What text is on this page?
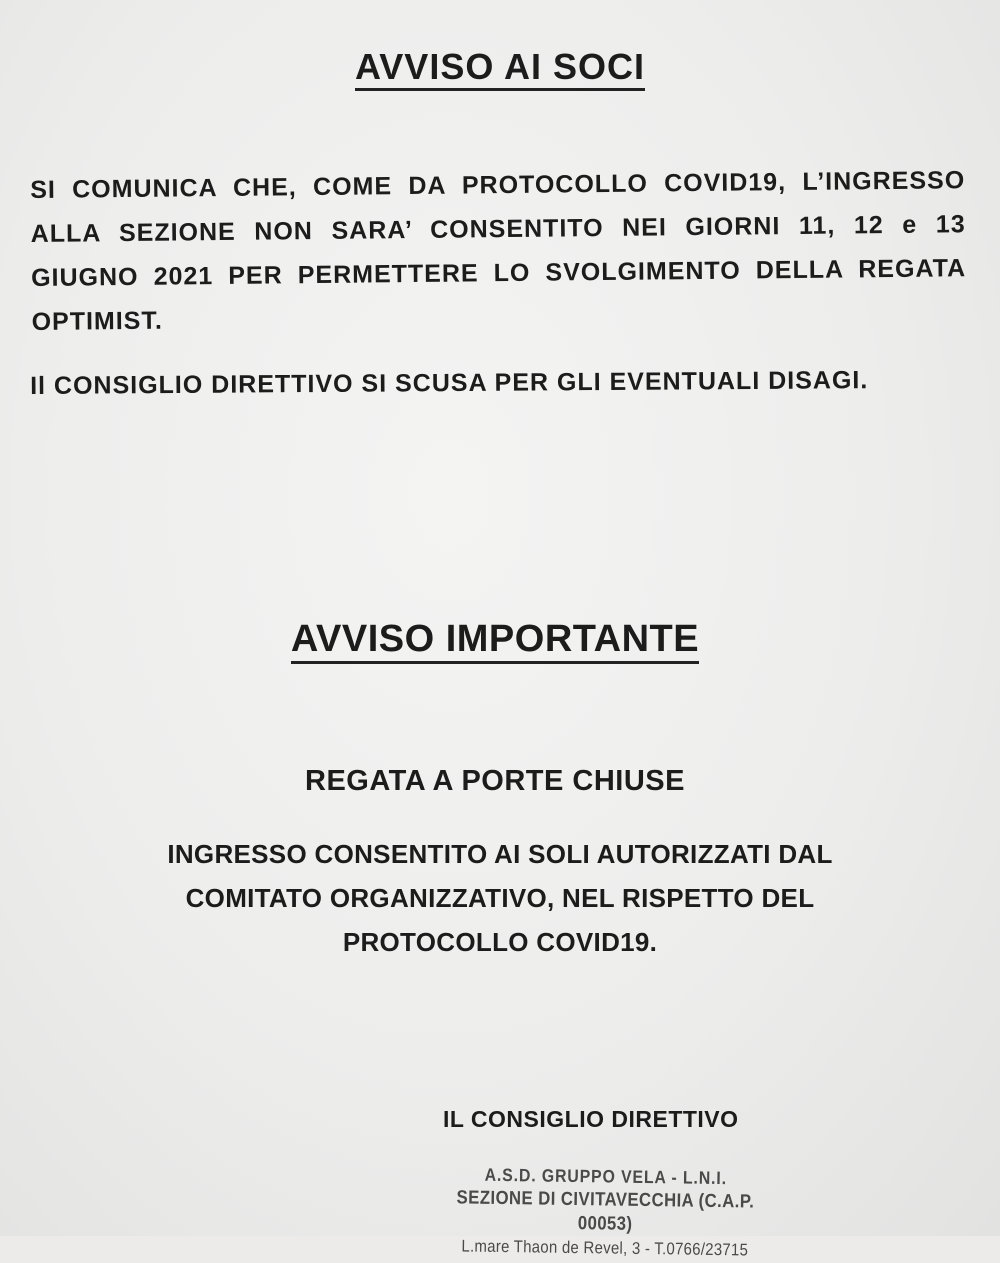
AVVISO AI SOCI

SI COMUNICA CHE, COME DA PROTOCOLLO COVID19, L’INGRESSO ALLA SEZIONE NON SARA’ CONSENTITO NEI GIORNI 11, 12 e 13 GIUGNO 2021 PER PERMETTERE LO SVOLGIMENTO DELLA REGATA OPTIMIST.

Il CONSIGLIO DIRETTIVO SI SCUSA PER GLI EVENTUALI DISAGI.

AVVISO IMPORTANTE
REGATA A PORTE CHIUSE

INGRESSO CONSENTITO AI SOLI AUTORIZZATI DAL COMITATO ORGANIZZATIVO, NEL RISPETTO DEL PROTOCOLLO COVID19.

IL CONSIGLIO DIRETTIVO

A.S.D. GRUPPO VELA - L.N.I.
SEZIONE DI CIVITAVECCHIA (C.A.P. 00053)
L.mare Thaon de Revel, 3 - T.0766/23715
